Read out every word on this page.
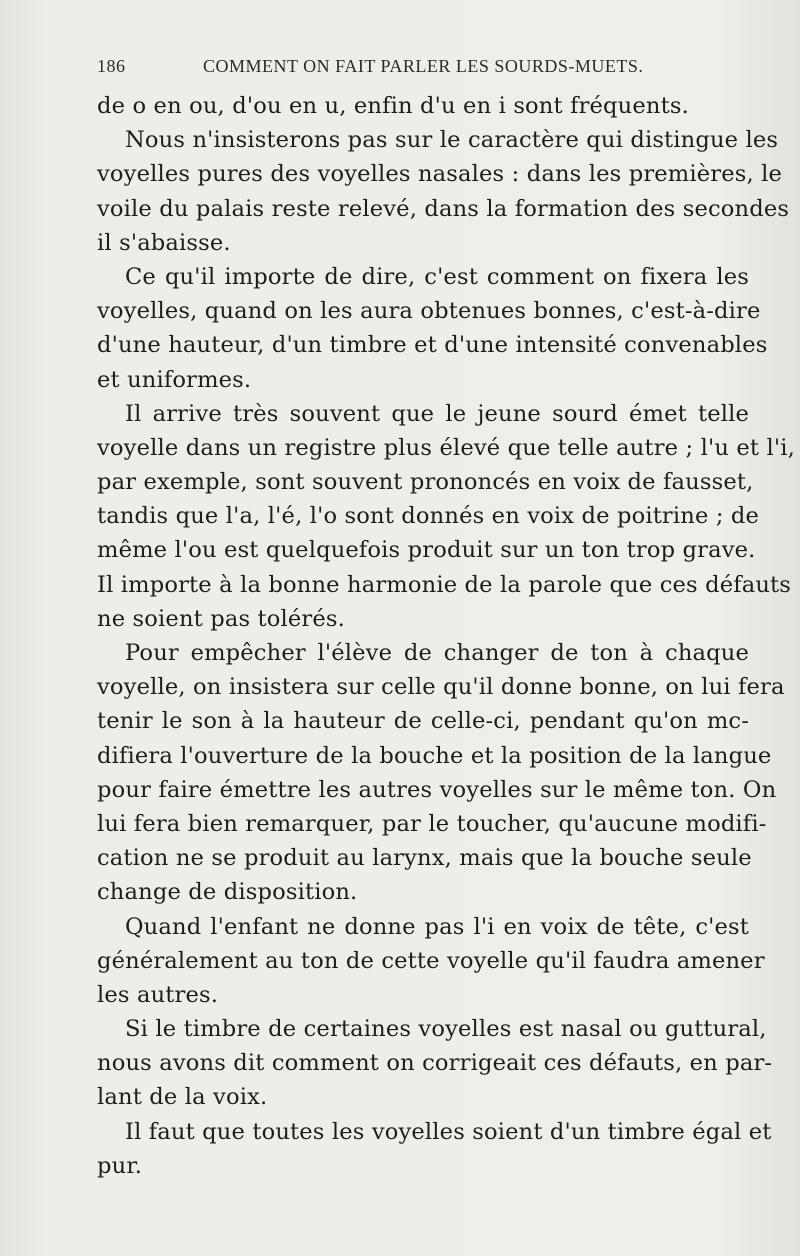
186	COMMENT ON FAIT PARLER LES SOURDS-MUETS.
de o en ou, d'ou en u, enfin d'u en i sont fréquents.
Nous n'insisterons pas sur le caractère qui distingue les
voyelles pures des voyelles nasales : dans les premières, le
voile du palais reste relevé, dans la formation des secondes
il s'abaisse.
Ce qu'il importe de dire, c'est comment on fixera les
voyelles, quand on les aura obtenues bonnes, c'est-à-dire
d'une hauteur, d'un timbre et d'une intensité convenables
et uniformes.
Il arrive très souvent que le jeune sourd émet telle
voyelle dans un registre plus élevé que telle autre ; l'u et l'i,
par exemple, sont souvent prononcés en voix de fausset,
tandis que l'a, l'é, l'o sont donnés en voix de poitrine ; de
même l'ou est quelquefois produit sur un ton trop grave.
Il importe à la bonne harmonie de la parole que ces défauts
ne soient pas tolérés.
Pour empêcher l'élève de changer de ton à chaque
voyelle, on insistera sur celle qu'il donne bonne, on lui fera
tenir le son à la hauteur de celle-ci, pendant qu'on mc-
difiera l'ouverture de la bouche et la position de la langue
pour faire émettre les autres voyelles sur le même ton. On
lui fera bien remarquer, par le toucher, qu'aucune modifi-
cation ne se produit au larynx, mais que la bouche seule
change de disposition.
Quand l'enfant ne donne pas l'i en voix de tête, c'est
généralement au ton de cette voyelle qu'il faudra amener
les autres.
Si le timbre de certaines voyelles est nasal ou guttural,
nous avons dit comment on corrigeait ces défauts, en par-
lant de la voix.
Il faut que toutes les voyelles soient d'un timbre égal et
pur.
